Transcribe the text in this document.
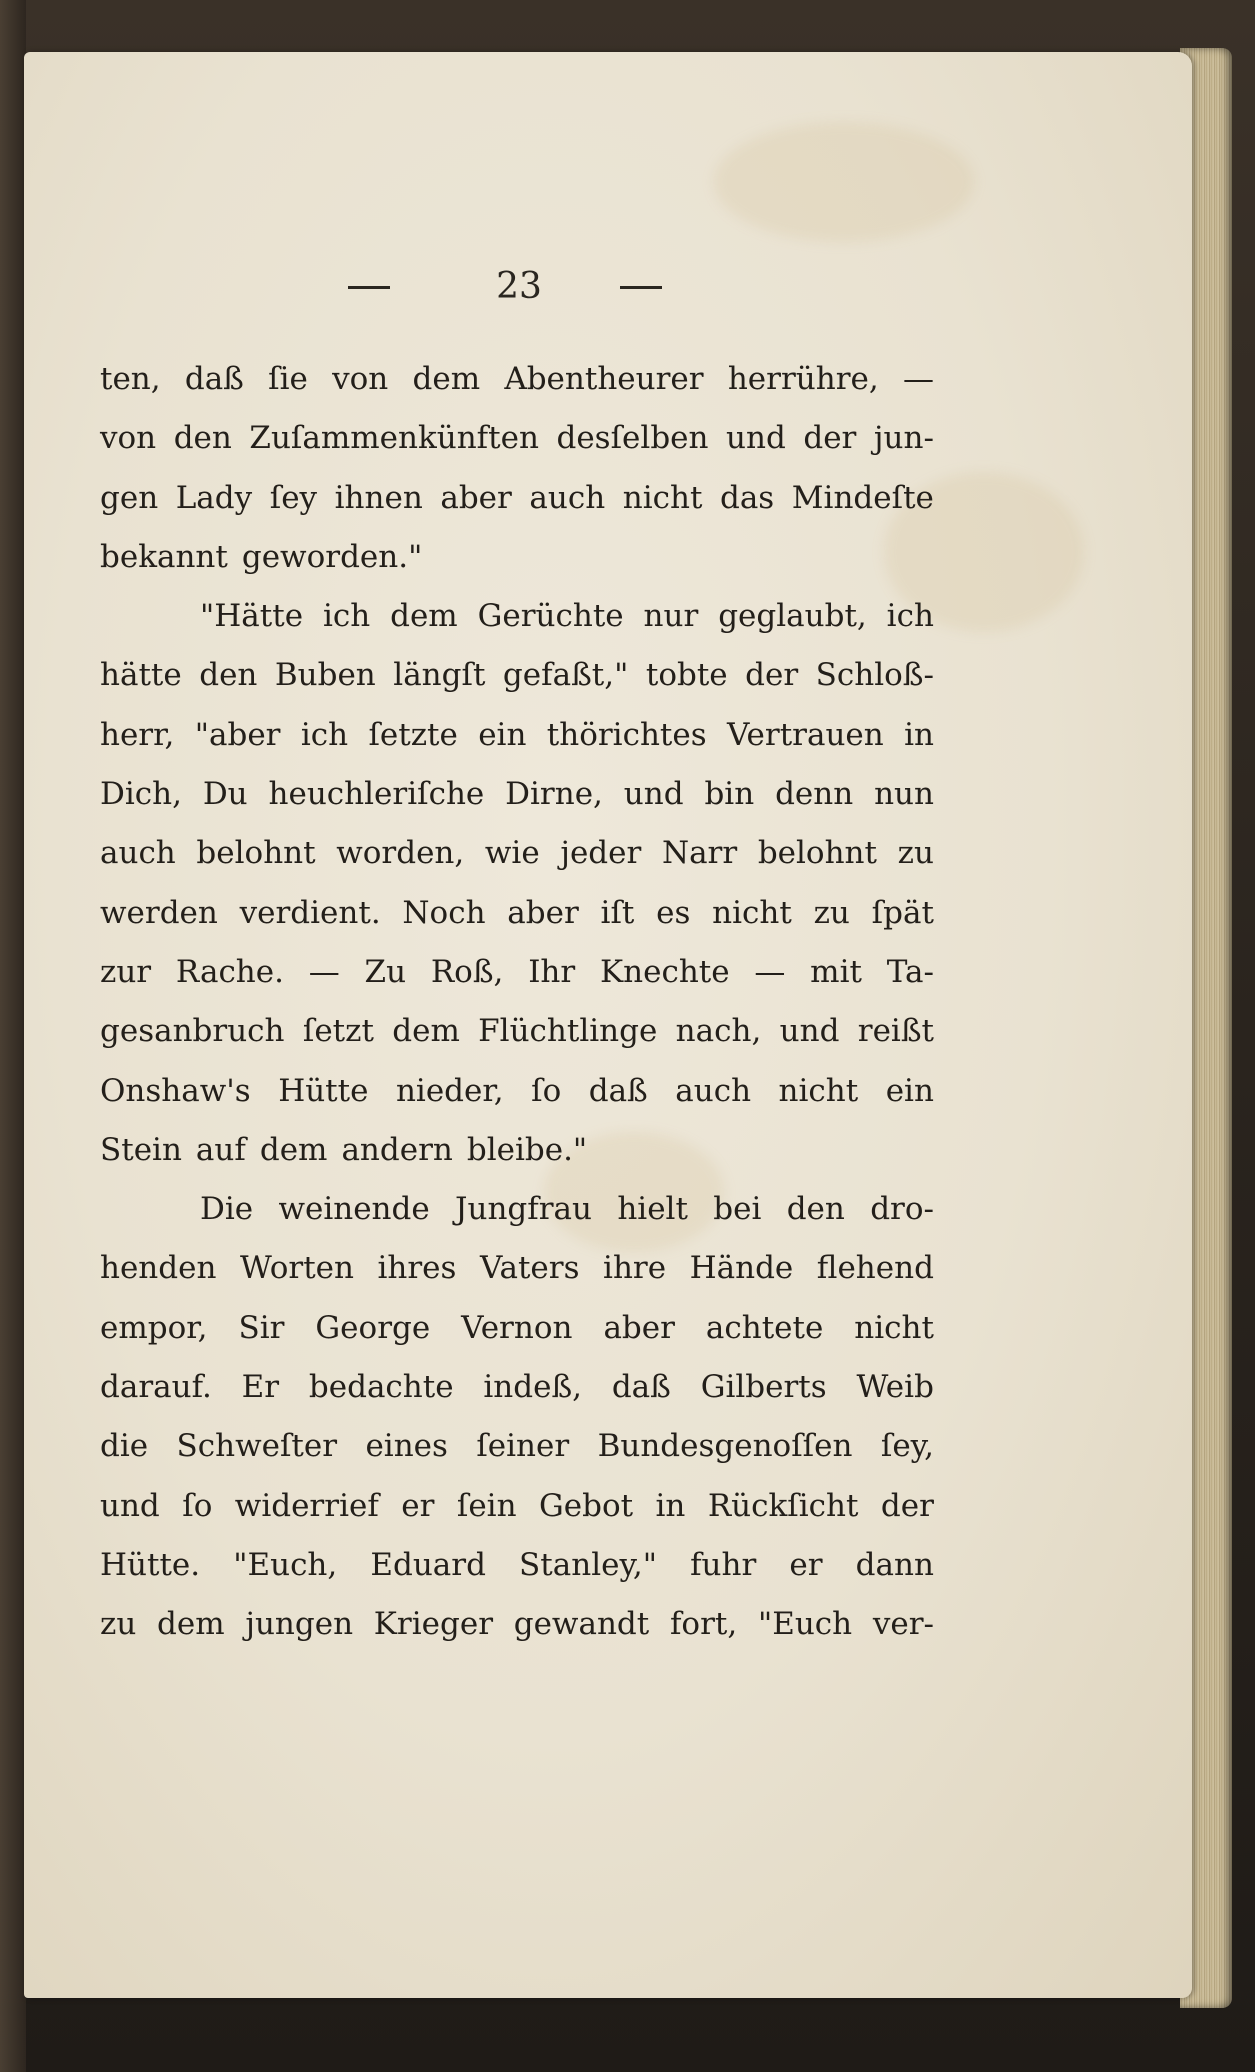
23
ten, daß ſie von dem Abentheurer herrühre, —
von den Zuſammenkünften desſelben und der jun-
gen Lady ſey ihnen aber auch nicht das Mindeſte
bekannt geworden."
"Hätte ich dem Gerüchte nur geglaubt, ich
hätte den Buben längſt gefaßt," tobte der Schloß-
herr, "aber ich ſetzte ein thörichtes Vertrauen in
Dich, Du heuchleriſche Dirne, und bin denn nun
auch belohnt worden, wie jeder Narr belohnt zu
werden verdient. Noch aber iſt es nicht zu ſpät
zur Rache. — Zu Roß, Ihr Knechte — mit Ta-
gesanbruch ſetzt dem Flüchtlinge nach, und reißt
Onshaw's Hütte nieder, ſo daß auch nicht ein
Stein auf dem andern bleibe."
Die weinende Jungfrau hielt bei den dro-
henden Worten ihres Vaters ihre Hände flehend
empor, Sir George Vernon aber achtete nicht
darauf. Er bedachte indeß, daß Gilberts Weib
die Schweſter eines ſeiner Bundesgenoſſen ſey,
und ſo widerrief er ſein Gebot in Rückſicht der
Hütte. "Euch, Eduard Stanley," fuhr er dann
zu dem jungen Krieger gewandt fort, "Euch ver-
